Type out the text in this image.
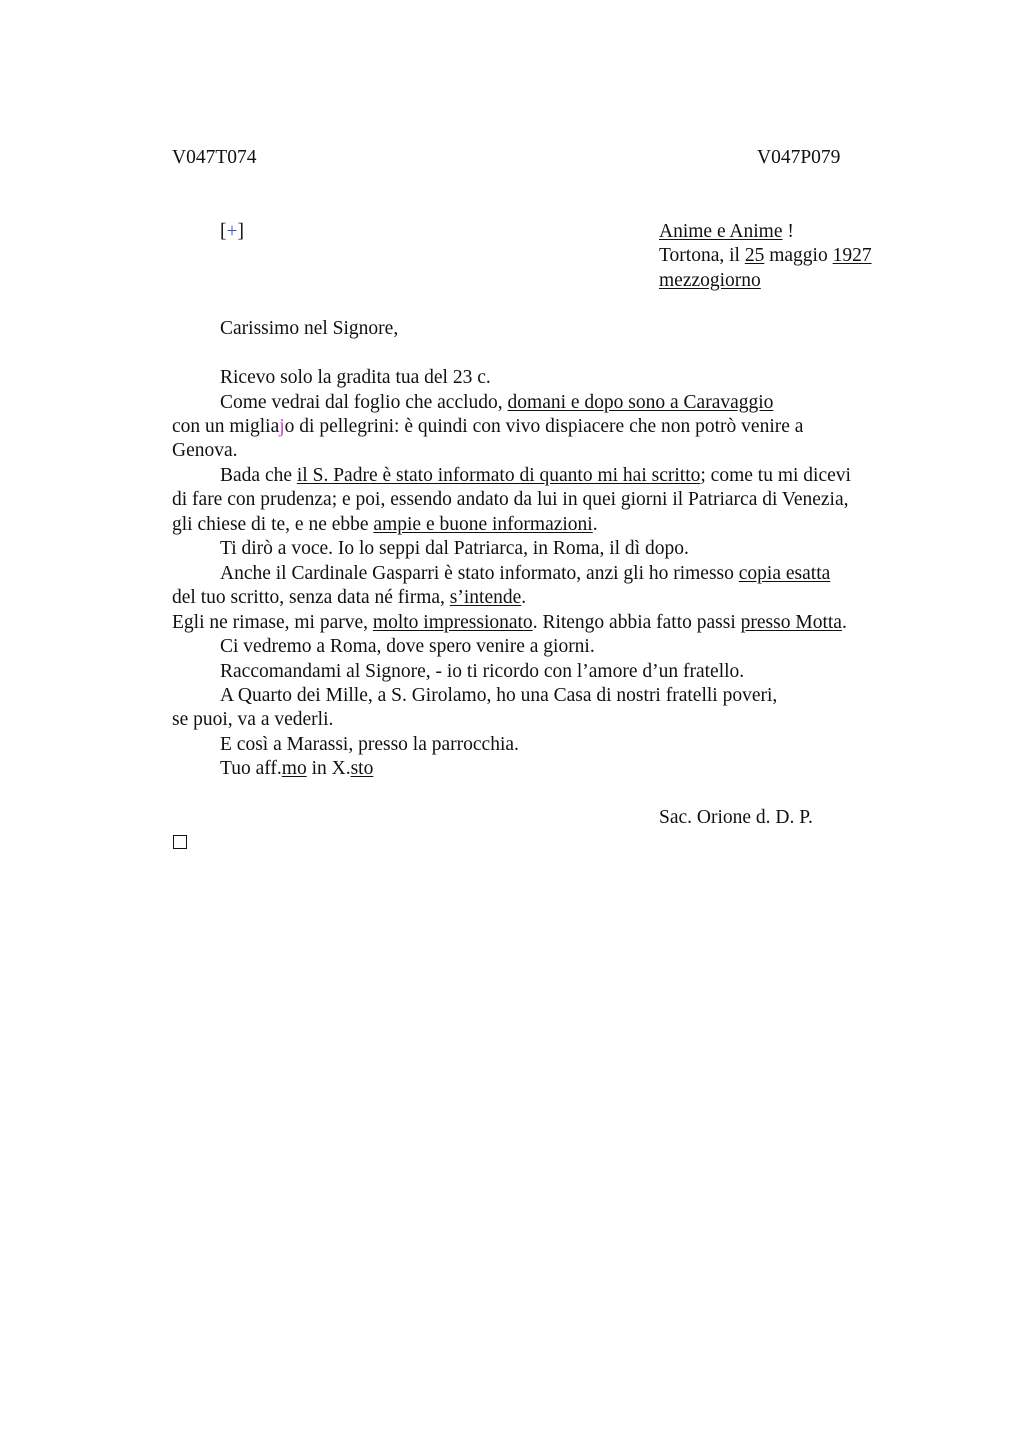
V047T074	V047P079
[+]	Anime e Anime !
Tortona, il 25 maggio 1927
mezzogiorno
Carissimo nel Signore,
Ricevo solo la gradita tua del 23 c.
Come vedrai dal foglio che accludo, domani e dopo sono a Caravaggio
con un migliajo di pellegrini: è quindi con vivo dispiacere che non potrò venire a
Genova.
Bada che il S. Padre è stato informato di quanto mi hai scritto; come tu mi dicevi
di fare con prudenza; e poi, essendo andato da lui in quei giorni il Patriarca di Venezia,
gli chiese di te, e ne ebbe ampie e buone informazioni.
Ti dirò a voce. Io lo seppi dal Patriarca, in Roma, il dì dopo.
Anche il Cardinale Gasparri è stato informato, anzi gli ho rimesso copia esatta
del tuo scritto, senza data né firma, s’intende.
Egli ne rimase, mi parve, molto impressionato. Ritengo abbia fatto passi presso Motta.
Ci vedremo a Roma, dove spero venire a giorni.
Raccomandami al Signore, - io ti ricordo con l’amore d’un fratello.
A Quarto dei Mille, a S. Girolamo, ho una Casa di nostri fratelli poveri,
se puoi, va a vederli.
E così a Marassi, presso la parrocchia.
Tuo aff.mo in X.sto
Sac. Orione d. D. P.
